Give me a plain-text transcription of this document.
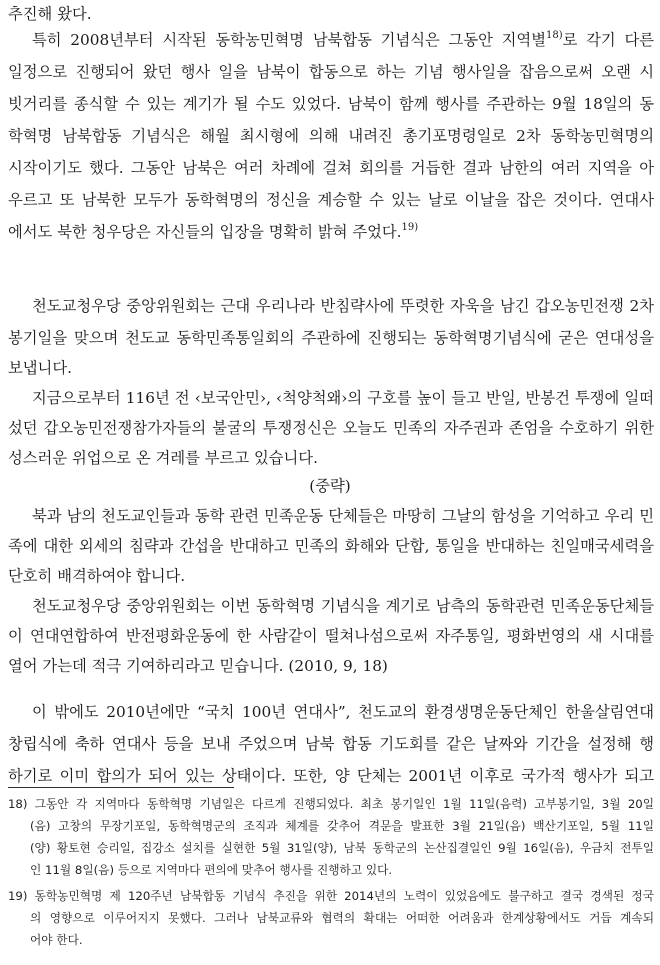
추진해 왔다.
특히 2008년부터 시작된 동학농민혁명 남북합동 기념식은 그동안 지역별$^{18)}$로 각기 다른
일정으로 진행되어 왔던 행사 일을 남북이 합동으로 하는 기념 행사일을 잡음으로써 오랜 시
빗거리를 종식할 수 있는 계기가 될 수도 있었다. 남북이 함께 행사를 주관하는 9월 18일의 동
학혁명 남북합동 기념식은 해월 최시형에 의해 내려진 총기포명령일로 2차 동학농민혁명의
시작이기도 했다. 그동안 남북은 여러 차례에 걸쳐 회의를 거듭한 결과 남한의 여러 지역을 아
우르고 또 남북한 모두가 동학혁명의 정신을 계승할 수 있는 날로 이날을 잡은 것이다. 연대사
에서도 북한 청우당은 자신들의 입장을 명확히 밝혀 주었다.$^{19)}$
천도교청우당 중앙위원회는 근대 우리나라 반침략사에 뚜렷한 자욱을 남긴 갑오농민전쟁 2차
봉기일을 맞으며 천도교 동학민족통일회의 주관하에 진행되는 동학혁명기념식에 굳은 연대성을
보냅니다.
지금으로부터 116년 전 ‹보국안민›, ‹척양척왜›의 구호를 높이 들고 반일, 반봉건 투쟁에 일떠
섰던 갑오농민전쟁참가자들의 불굴의 투쟁정신은 오늘도 민족의 자주권과 존엄을 수호하기 위한
성스러운 위업으로 온 겨레를 부르고 있습니다.
(중략)
북과 남의 천도교인들과 동학 관련 민족운동 단체들은 마땅히 그날의 함성을 기억하고 우리 민
족에 대한 외세의 침략과 간섭을 반대하고 민족의 화해와 단합, 통일을 반대하는 친일매국세력을
단호히 배격하여야 합니다.
천도교청우당 중앙위원회는 이번 동학혁명 기념식을 계기로 남측의 동학관련 민족운동단체들
이 연대연합하여 반전평화운동에 한 사람같이 떨쳐나섬으로써 자주통일, 평화번영의 새 시대를
열어 가는데 적극 기여하리라고 믿습니다. (2010, 9, 18)
이 밖에도 2010년에만 “국치 100년 연대사”, 천도교의 환경생명운동단체인 한울살림연대
창립식에 축하 연대사 등을 보내 주었으며 남북 합동 기도회를 같은 날짜와 기간을 설정해 행
하기로 이미 합의가 되어 있는 상태이다. 또한, 양 단체는 2001년 이후로 국가적 행사가 되고
18) 그동안 각 지역마다 동학혁명 기념일은 다르게 진행되었다. 최초 봉기일인 1월 11일(음력) 고부봉기일, 3월 20일
(음) 고창의 무장기포일, 동학혁명군의 조직과 체계를 갖추어 격문을 발표한 3월 21일(음) 백산기포일, 5월 11일
(양) 황토현 승리일, 집강소 설치를 실현한 5월 31일(양), 남북 동학군의 논산집결일인 9월 16일(음), 우금치 전투일
인 11월 8일(음) 등으로 지역마다 편의에 맞추어 행사를 진행하고 있다.
19) 동학농민혁명 제 120주년 남북합동 기념식 추진을 위한 2014년의 노력이 있었음에도 불구하고 결국 경색된 정국
의 영향으로 이루어지지 못했다. 그러나 남북교류와 협력의 확대는 어떠한 어려움과 한계상황에서도 거듭 계속되
어야 한다.
